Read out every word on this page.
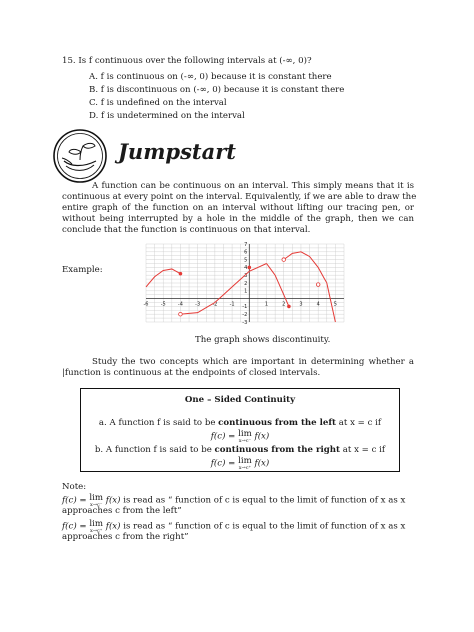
15. Is f continuous over the following intervals at (-∞, 0)?
A. f is continuous on (-∞, 0) because it is constant there
B. f is discontinuous on (-∞, 0) because it is constant there
C. f is undefined on the interval
D. f is undetermined on the interval
Jumpstart
A function can be continuous on an interval. This simply means that it is
continuous at every point on the interval. Equivalently, if we are able to draw the
entire graph of the function on an interval without lifting our tracing pen, or
without being interrupted by a hole in the middle of the graph, then we can
conclude that the function is continuous on that interval.
Example:
-6 -5 -4 -3 -2 -1	1	2	3	4	5
7
6
5
4
3
2
1
-1
-2
-3
The graph shows discontinuity.
Study the two concepts which are important in determining whether a
|function is continuous at the endpoints of closed intervals.
One – Sided Continuity
a. A function f is said to be continuous from the left at x = c if
f(c) = lim
x→c⁻ f(x)
b. A function f is said to be continuous from the right at x = c if
f(c) = lim
x→c⁺ f(x)
Note:
f(c) = lim
x→c⁻ f(x) is read as “ function of c is equal to the limit of function of x as x
approaches c from the left”
f(c) = lim
x→c⁺ f(x) is read as “ function of c is equal to the limit of function of x as x
approaches c from the right”
